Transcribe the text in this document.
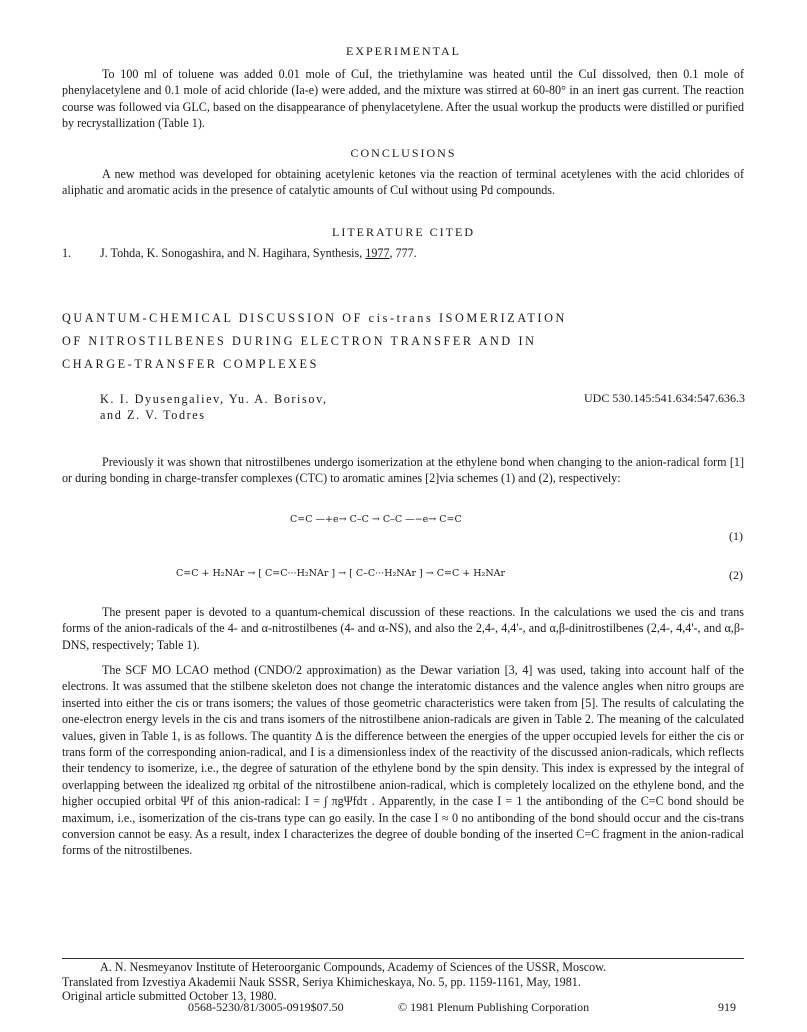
EXPERIMENTAL

To 100 ml of toluene was added 0.01 mole of CuI, the triethylamine was heated until the CuI dissolved, then 0.1 mole of phenylacetylene and 0.1 mole of acid chloride (Ia-e) were added, and the mixture was stirred at 60-80° in an inert gas current. The reaction course was followed via GLC, based on the disappearance of phenylacetylene. After the usual workup the products were distilled or purified by recrystallization (Table 1).

CONCLUSIONS

A new method was developed for obtaining acetylenic ketones via the reaction of terminal acetylenes with the acid chlorides of aliphatic and aromatic acids in the presence of catalytic amounts of CuI without using Pd compounds.

LITERATURE CITED
1. J. Tohda, K. Sonogashira, and N. Hagihara, Synthesis, 1977, 777.
QUANTUM-CHEMICAL DISCUSSION OF cis-trans ISOMERIZATION
OF NITROSTILBENES DURING ELECTRON TRANSFER AND IN
CHARGE-TRANSFER COMPLEXES
K. I. Dyusengaliev, Yu. A. Borisov,
and Z. V. Todres
UDC 530.145:541.634:547.636.3

Previously it was shown that nitrostilbenes undergo isomerization at the ethylene bond when changing to the anion-radical form [1] or during bonding in charge-transfer complexes (CTC) to aromatic amines [2]via schemes (1) and (2), respectively:

C=C —+e→ C–C → C–C —−e→ C=C
(1)
C=C + H₂NAr → [ C=C···H₂NAr ] → [ C–C···H₂NAr ] → C=C + H₂NAr	(2)

The present paper is devoted to a quantum-chemical discussion of these reactions. In the calculations we used the cis and trans forms of the anion-radicals of the 4- and α-nitrostilbenes (4- and α-NS), and also the 2,4-, 4,4'-, and α,β-dinitrostilbenes (2,4-, 4,4'-, and α,β-DNS, respectively; Table 1).

The SCF MO LCAO method (CNDO/2 approximation) as the Dewar variation [3, 4] was used, taking into account half of the electrons. It was assumed that the stilbene skeleton does not change the interatomic distances and the valence angles when nitro groups are inserted into either the cis or trans isomers; the values of those geometric characteristics were taken from [5]. The results of calculating the one-electron energy levels in the cis and trans isomers of the nitrostilbene anion-radicals are given in Table 2. The meaning of the calculated values, given in Table 1, is as follows. The quantity Δ is the difference between the energies of the upper occupied levels for either the cis or trans form of the corresponding anion-radical, and I is a dimensionless index of the reactivity of the discussed anion-radicals, which reflects their tendency to isomerize, i.e., the degree of saturation of the ethylene bond by the spin density. This index is expressed by the integral of overlapping between the idealized πg orbital of the nitrostilbene anion-radical, which is completely localized on the ethylene bond, and the higher occupied orbital Ψf of this anion-radical: I = ∫ πgΨfdτ . Apparently, in the case I = 1 the antibonding of the C=C bond should be maximum, i.e., isomerization of the cis-trans type can go easily. In the case I ≈ 0 no antibonding of the bond should occur and the cis-trans conversion cannot be easy. As a result, index I characterizes the degree of double bonding of the inserted C=C fragment in the anion-radical forms of the nitrostilbenes.

A. N. Nesmeyanov Institute of Heteroorganic Compounds, Academy of Sciences of the USSR, Moscow.
Translated from Izvestiya Akademii Nauk SSSR, Seriya Khimicheskaya, No. 5, pp. 1159-1161, May, 1981.
Original article submitted October 13, 1980.
0568-5230/81/3005-0919$07.50	© 1981 Plenum Publishing Corporation	919
